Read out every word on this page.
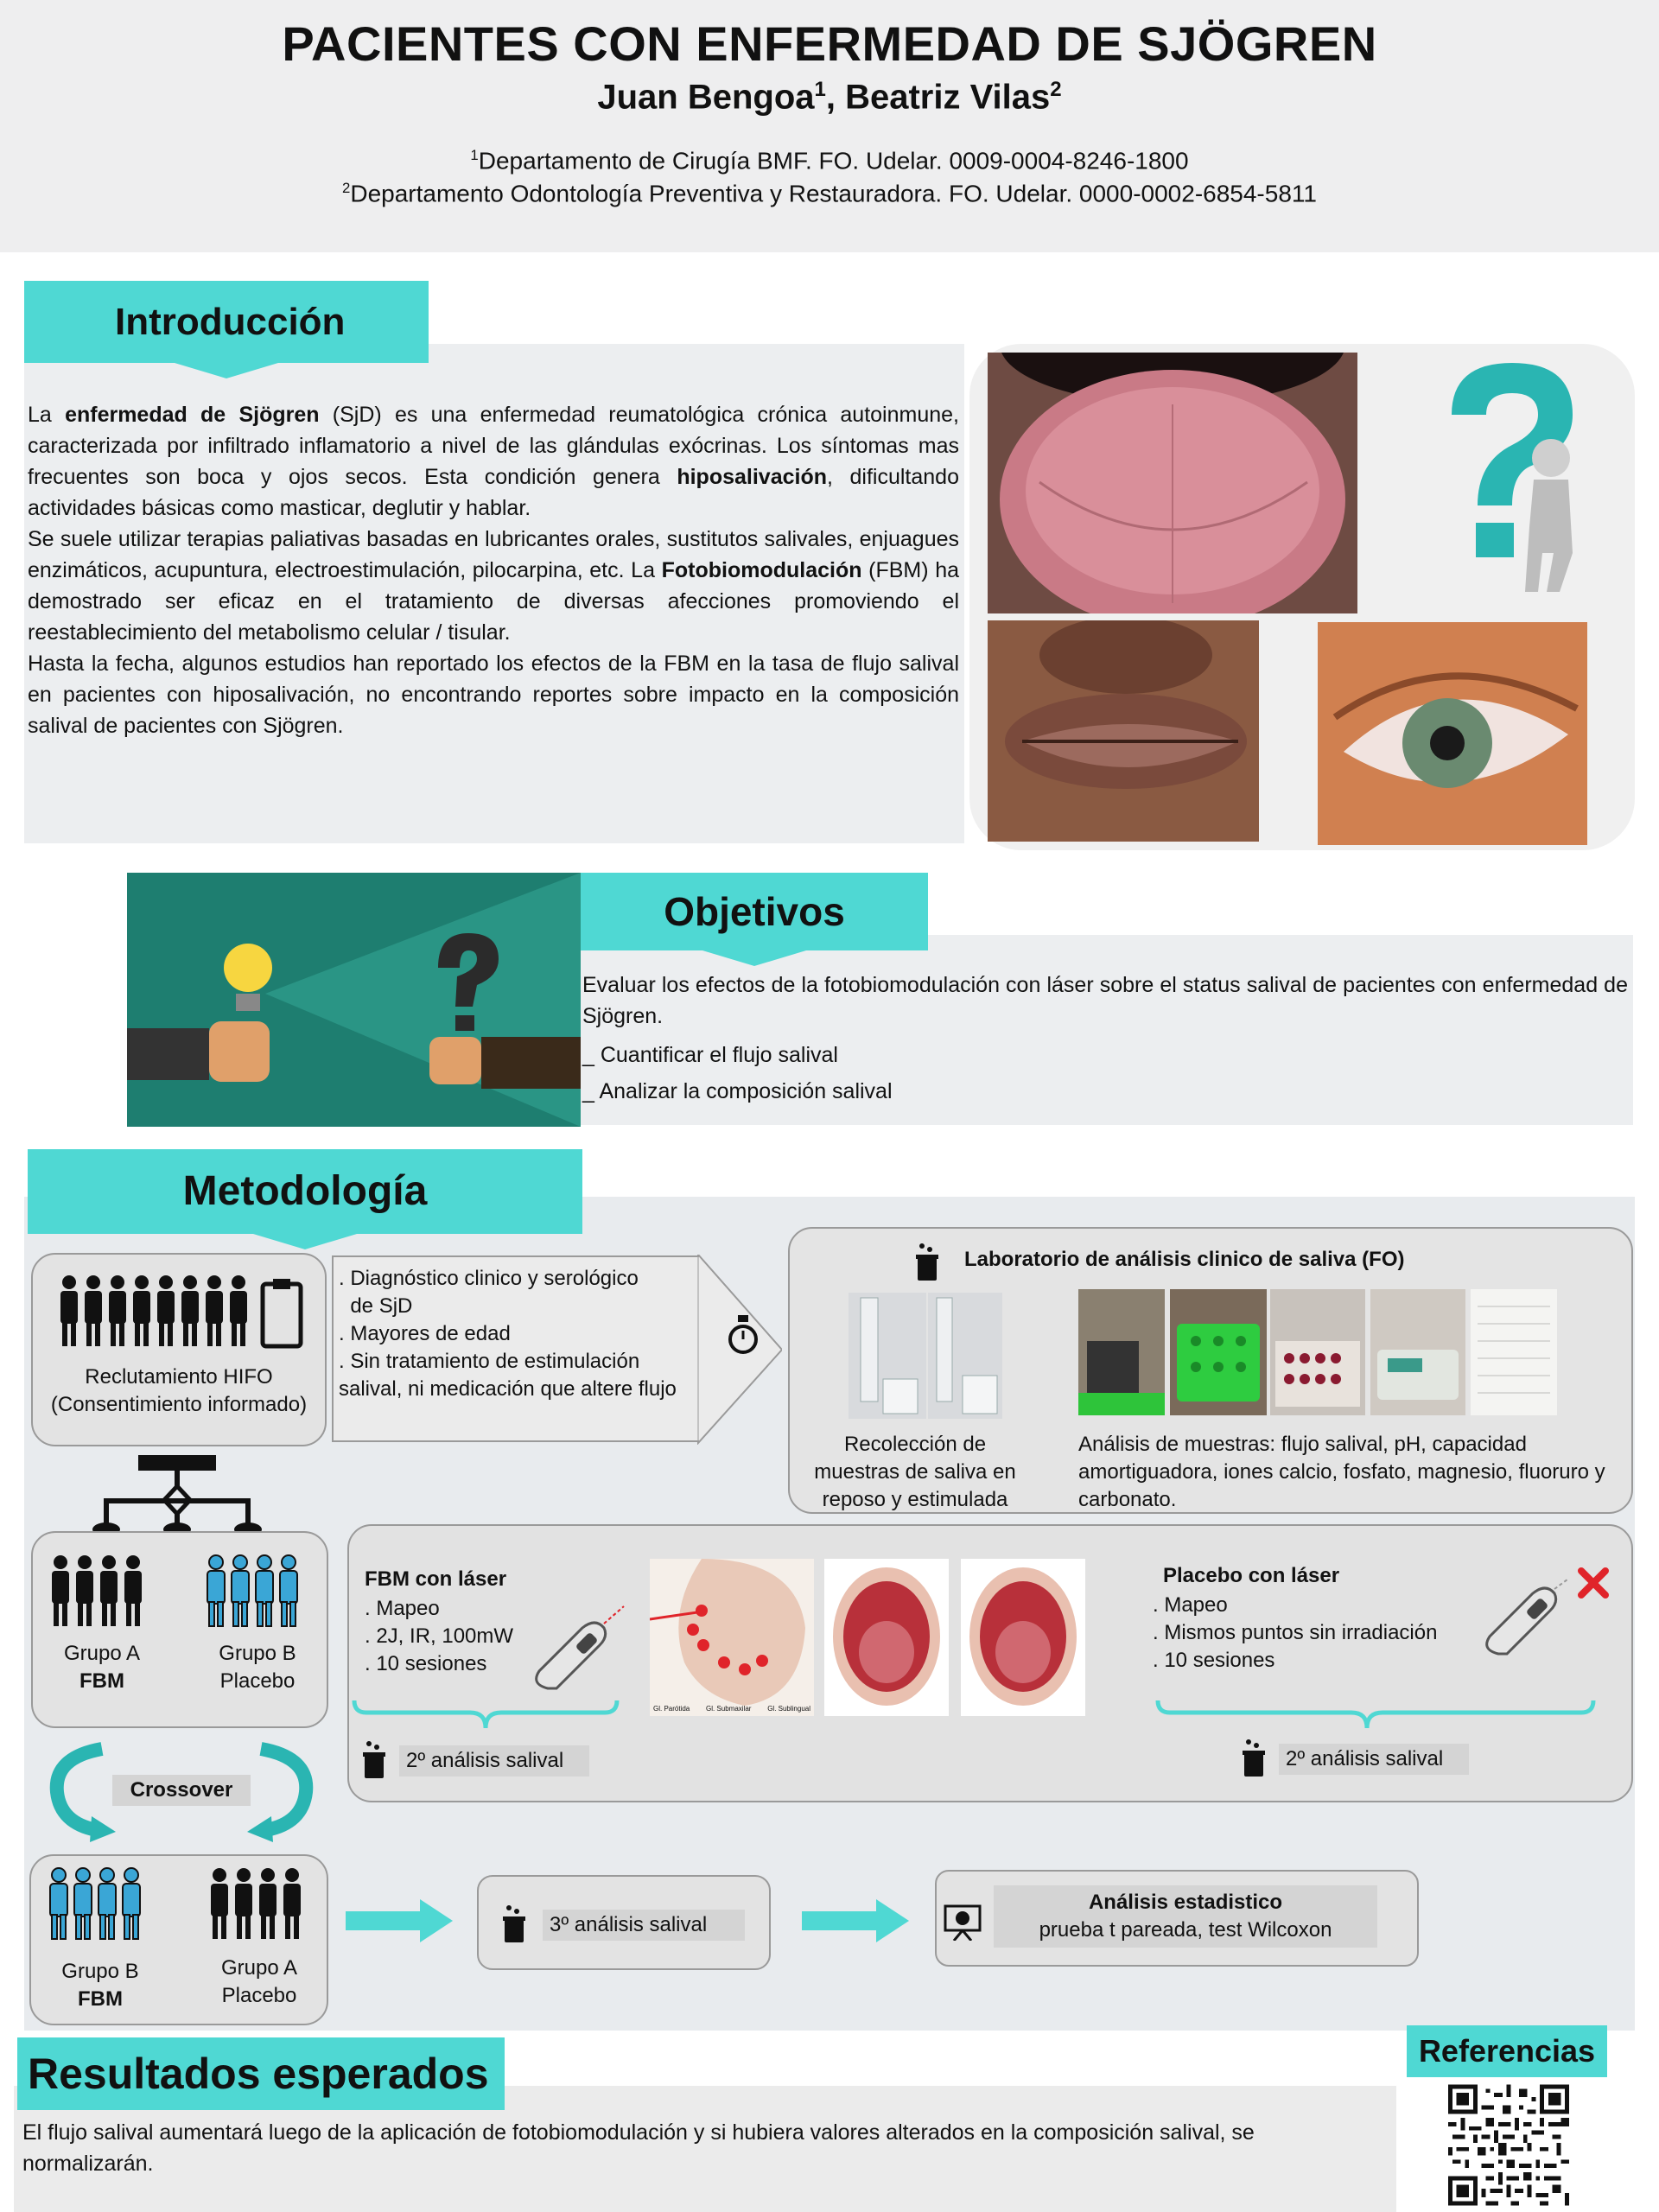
PACIENTES CON ENFERMEDAD DE SJÖGREN
Juan Bengoa$^1$, Beatriz Vilas$^2$
$^1$Departamento de Cirugía BMF. FO. Udelar. 0009-0004-8246-1800
$^2$Departamento Odontología Preventiva y Restauradora. FO. Udelar. 0000-0002-6854-5811
Introducción
La enfermedad de Sjögren (SjD) es una enfermedad reumatológica crónica autoinmune, caracterizada por infiltrado inflamatorio a nivel de las glándulas exócrinas. Los síntomas mas frecuentes son boca y ojos secos. Esta condición genera hiposalivación, dificultando actividades básicas como masticar, deglutir y hablar.
Se suele utilizar terapias paliativas basadas en lubricantes orales, sustitutos salivales, enjuagues enzimáticos, acupuntura, electroestimulación, pilocarpina, etc. La Fotobiomodulación (FBM) ha demostrado ser eficaz en el tratamiento de diversas afecciones promoviendo el reestablecimiento del metabolismo celular / tisular.
Hasta la fecha, algunos estudios han reportado los efectos de la FBM en la tasa de flujo salival en pacientes con hiposalivación, no encontrando reportes sobre impacto en la composición salival de pacientes con Sjögren.
Objetivos
Evaluar los efectos de la fotobiomodulación con láser sobre el status salival de pacientes con enfermedad de Sjögren.
_ Cuantificar el flujo salival
_ Analizar la composición salival
Metodología
Reclutamiento HIFO (Consentimiento informado)
. Diagnóstico clinico y serológico
de SjD
. Mayores de edad
. Sin tratamiento de estimulación salival, ni medicación que altere flujo
Laboratorio de análisis clinico de saliva (FO)
Recolección de muestras de saliva en reposo y estimulada
Análisis de muestras: flujo salival, pH, capacidad amortiguadora, iones calcio, fosfato, magnesio, fluoruro y carbonato.
Grupo A
FBM
Grupo B
Placebo
FBM con láser
. Mapeo
. 2J, IR, 100mW
. 10 sesiones
Gl. Parótida Gl. Submaxilar Gl. Sublingual
Placebo con láser
. Mapeo
. Mismos puntos sin irradiación
. 10 sesiones
2º análisis salival	2º análisis salival
Crossover
Grupo B
FBM
Grupo A
Placebo
3º análisis salival
Análisis estadistico
prueba t pareada, test Wilcoxon
Resultados esperados
El flujo salival aumentará luego de la aplicación de fotobiomodulación y si hubiera valores alterados en la composición salival, se normalizarán.
Referencias
